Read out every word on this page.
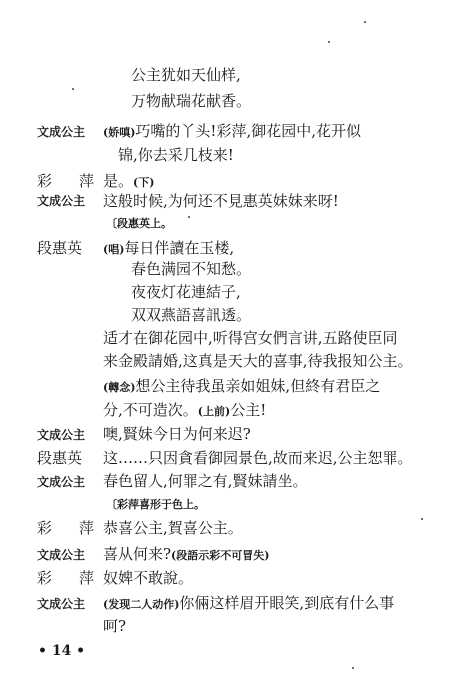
公主犹如天仙样,
万物献瑞花献香。
文成公主 (娇嗔)巧嘴的丫头!彩萍,御花园中,花开似
锦,你去采几枝来!
彩　萍 是。(下)
文成公主 这般时候,为何还不見惠英妹妹来呀!
〔段惠英上。
段惠英 (唱)每日伴讀在玉楼,
春色满园不知愁。
夜夜灯花連結子,
双双燕語喜訊透。
适才在御花园中,听得宫女們言讲,五路使臣同
来金殿請婚,这真是天大的喜事,待我报知公主。
(轉念)想公主待我虽亲如姐妹,但終有君臣之
分,不可造次。(上前)公主!
文成公主 噢,賢妹今日为何来迟?
段惠英 这……只因貪看御园景色,故而来迟,公主恕罪。
文成公主 春色留人,何罪之有,賢妹請坐。
〔彩萍喜形于色上。
彩　萍 恭喜公主,賀喜公主。
文成公主 喜从何来?(段語示彩不可冒失)
彩　萍 奴婢不敢說。
文成公主 (发现二人动作)你倆这样眉开眼笑,到底有什么事
呵?
• 14 •
